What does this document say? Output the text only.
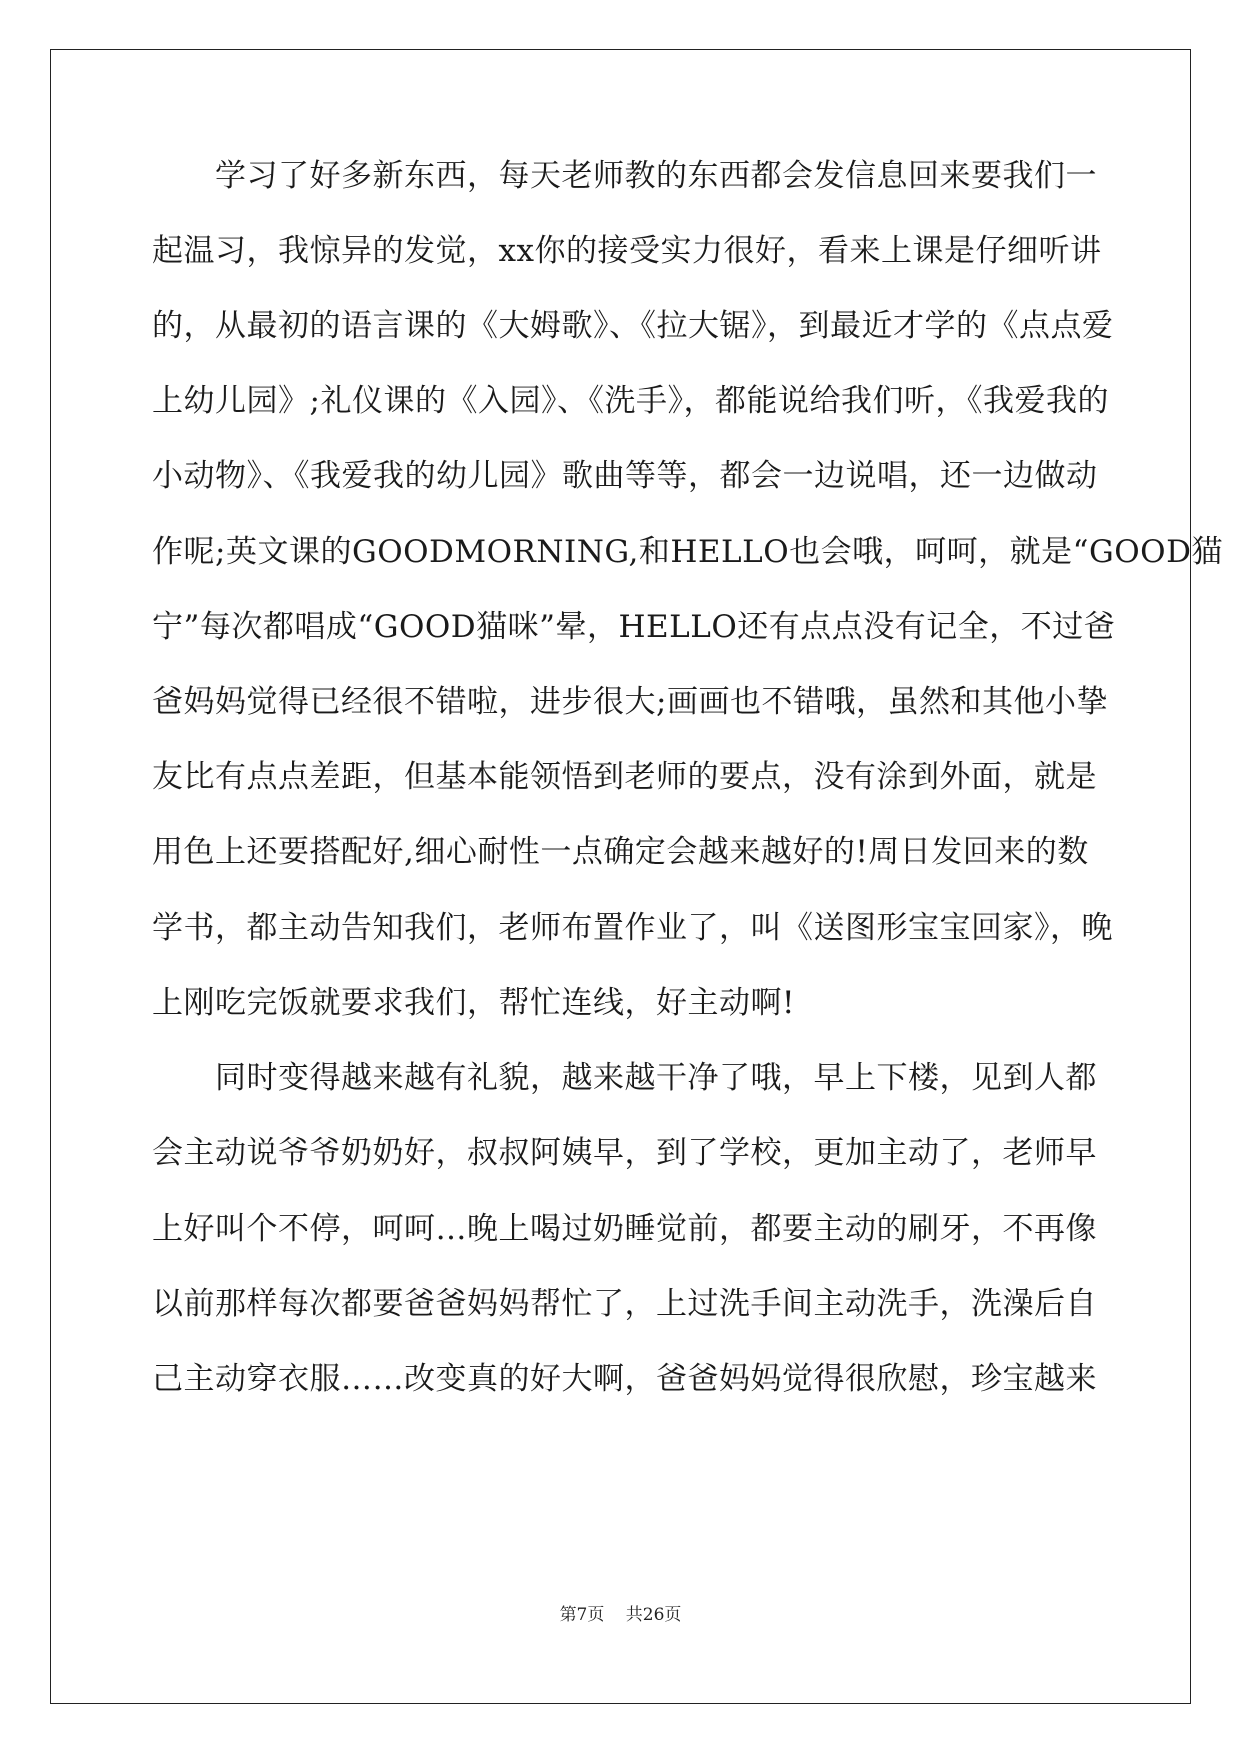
　　学习了好多新东西，每天老师教的东西都会发信息回来要我们一
起温习，我惊异的发觉，xx你的接受实力很好，看来上课是仔细听讲
的，从最初的语言课的《大姆歌》、《拉大锯》，到最近才学的《点点爱
上幼儿园》;礼仪课的《入园》、《洗手》，都能说给我们听，《我爱我的
小动物》、《我爱我的幼儿园》歌曲等等，都会一边说唱，还一边做动
作呢;英文课的GOODMORNING,和HELLO也会哦，呵呵，就是“GOOD猫
宁”每次都唱成“GOOD猫咪”晕，HELLO还有点点没有记全，不过爸
爸妈妈觉得已经很不错啦，进步很大;画画也不错哦，虽然和其他小挚
友比有点点差距，但基本能领悟到老师的要点，没有涂到外面，就是
用色上还要搭配好,细心耐性一点确定会越来越好的!周日发回来的数
学书，都主动告知我们，老师布置作业了，叫《送图形宝宝回家》，晚
上刚吃完饭就要求我们，帮忙连线，好主动啊!
　　同时变得越来越有礼貌，越来越干净了哦，早上下楼，见到人都
会主动说爷爷奶奶好，叔叔阿姨早，到了学校，更加主动了，老师早
上好叫个不停，呵呵…晚上喝过奶睡觉前，都要主动的刷牙，不再像
以前那样每次都要爸爸妈妈帮忙了，上过洗手间主动洗手，洗澡后自
己主动穿衣服……改变真的好大啊，爸爸妈妈觉得很欣慰，珍宝越来
第7页 共26页
